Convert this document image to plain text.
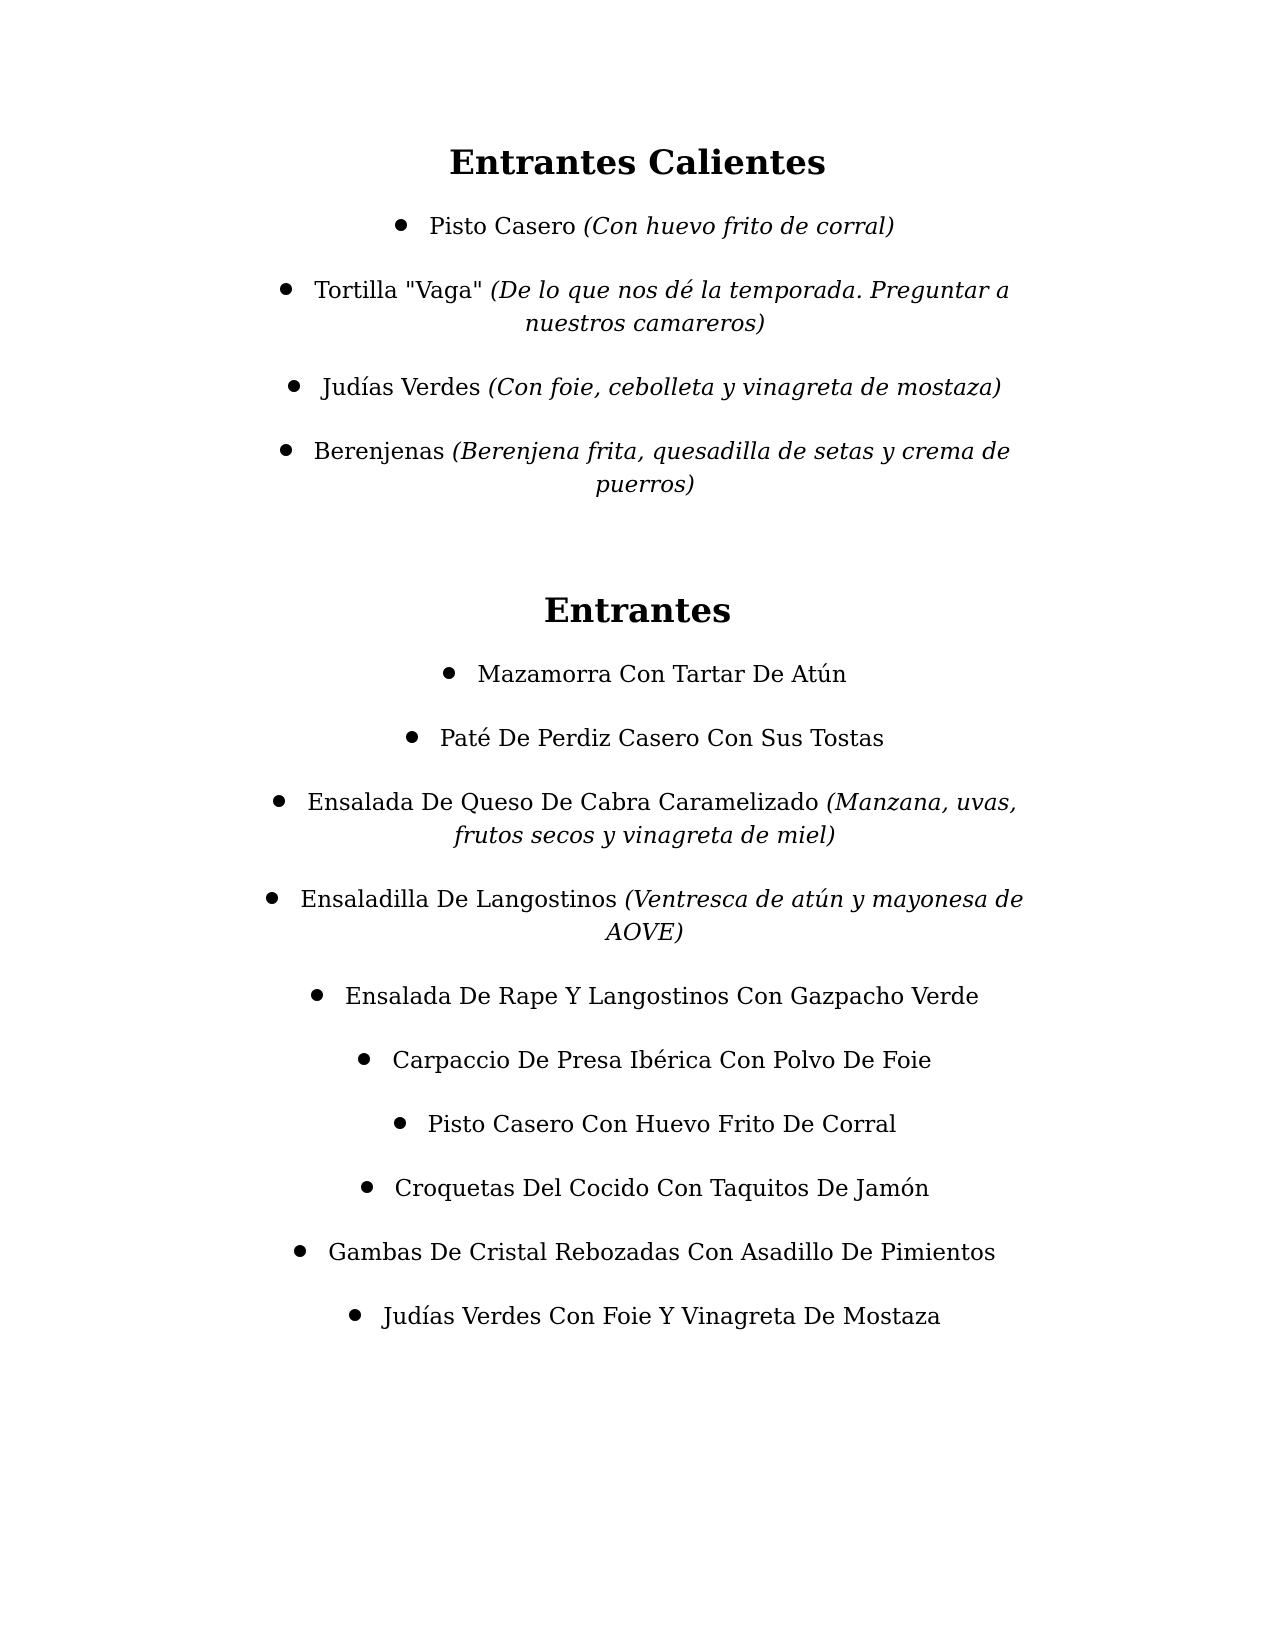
Entrantes Calientes
Pisto Casero (Con huevo frito de corral)
Tortilla "Vaga" (De lo que nos dé la temporada. Preguntar a nuestros camareros)
Judías Verdes (Con foie, cebolleta y vinagreta de mostaza)
Berenjenas (Berenjena frita, quesadilla de setas y crema de puerros)
Entrantes
Mazamorra Con Tartar De Atún
Paté De Perdiz Casero Con Sus Tostas
Ensalada De Queso De Cabra Caramelizado (Manzana, uvas, frutos secos y vinagreta de miel)
Ensaladilla De Langostinos (Ventresca de atún y mayonesa de AOVE)
Ensalada De Rape Y Langostinos Con Gazpacho Verde
Carpaccio De Presa Ibérica Con Polvo De Foie
Pisto Casero Con Huevo Frito De Corral
Croquetas Del Cocido Con Taquitos De Jamón
Gambas De Cristal Rebozadas Con Asadillo De Pimientos
Judías Verdes Con Foie Y Vinagreta De Mostaza
